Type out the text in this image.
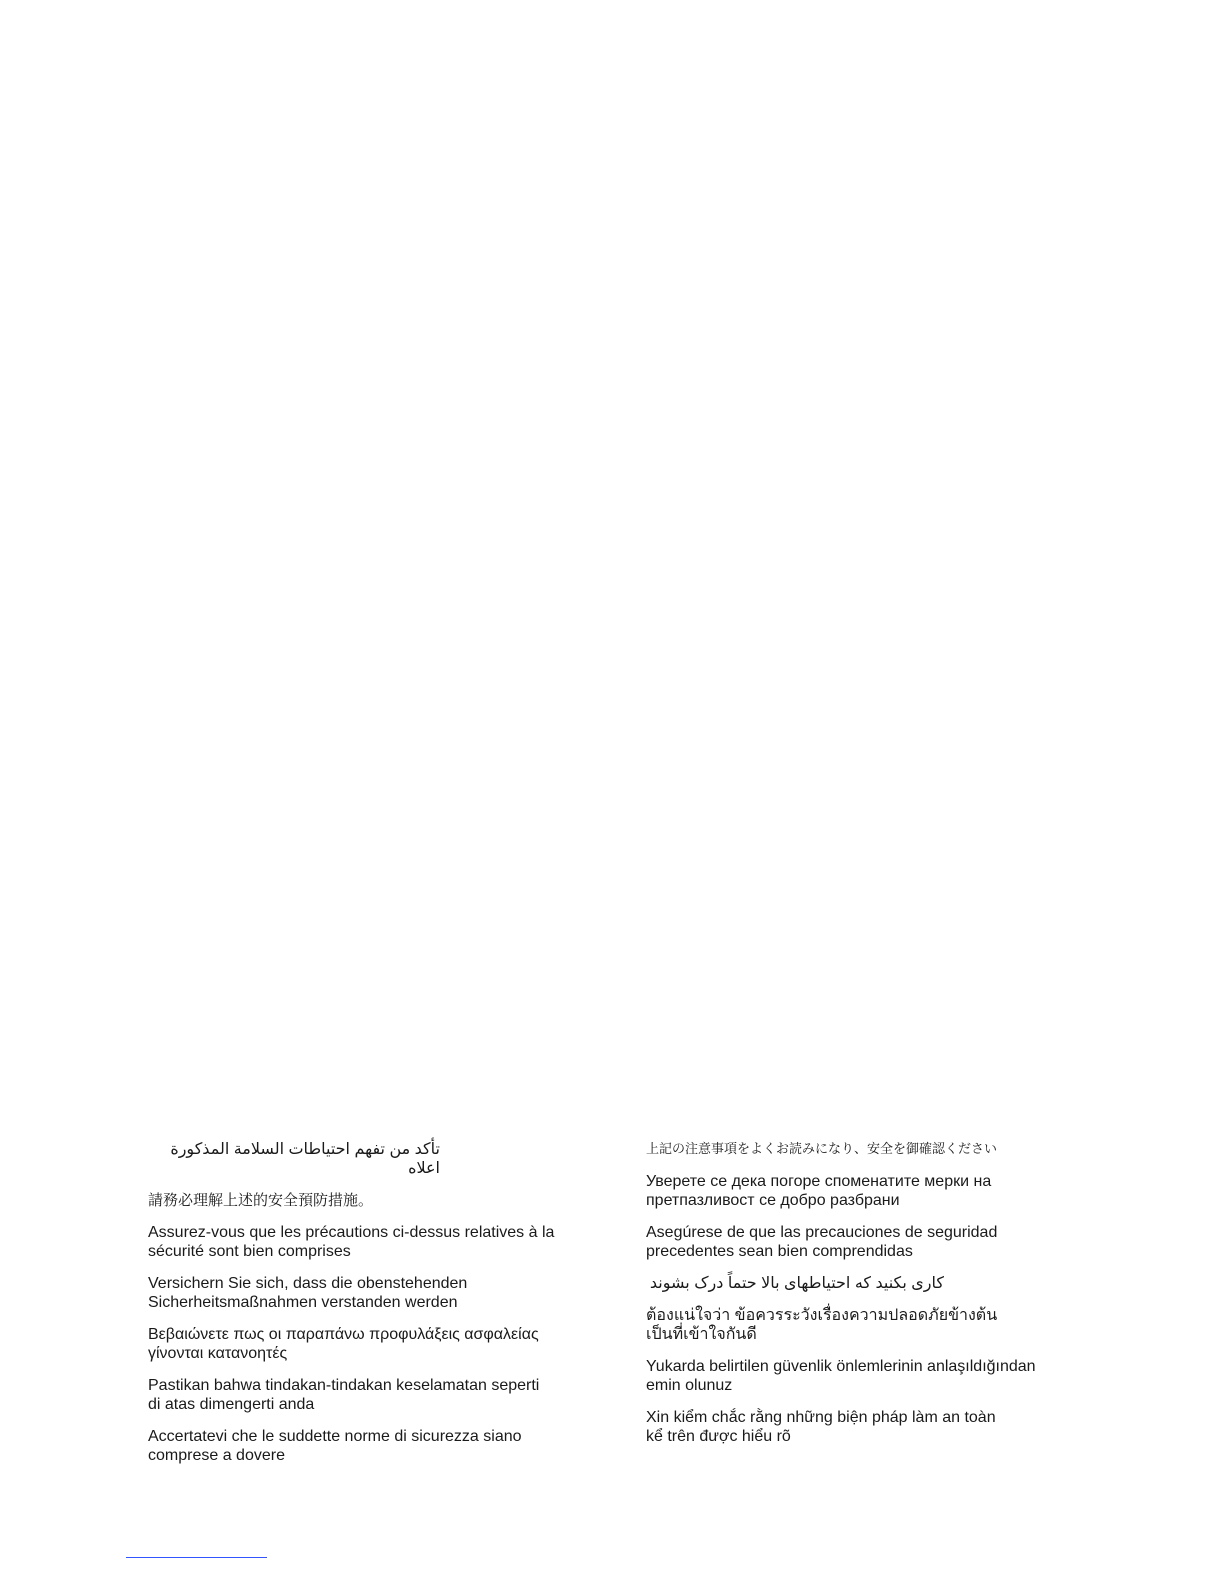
تأكد من تفهم احتياطات السلامة المذكورة اعلاه

請務必理解上述的安全預防措施。

Assurez-vous que les précautions ci-dessus relatives à la
sécurité sont bien comprises

Versichern Sie sich, dass die obenstehenden
Sicherheitsmaßnahmen verstanden werden

Βεβαιώνετε πως οι παραπάνω προφυλάξεις ασφαλείας
γίνονται κατανοητές

Pastikan bahwa tindakan-tindakan keselamatan seperti
di atas dimengerti anda

Accertatevi che le suddette norme di sicurezza siano
comprese a dovere

上記の注意事項をよくお読みになり、安全を御確認ください

Уверете се дека погоре споменатите мерки на
претпазливост се добро разбрани

Asegúrese de que las precauciones de seguridad
precedentes sean bien comprendidas

کاری بکنید که احتیاطهای بالا حتماً درک بشوند

ต้องแน่ใจว่า ข้อควรระวังเรื่องความปลอดภัยข้างต้น
เป็นที่เข้าใจกันดี

Yukarda belirtilen güvenlik önlemlerinin anlaşıldığından
emin olunuz

Xin kiểm chắc rằng những biện pháp làm an toàn
kể trên được hiểu rõ
